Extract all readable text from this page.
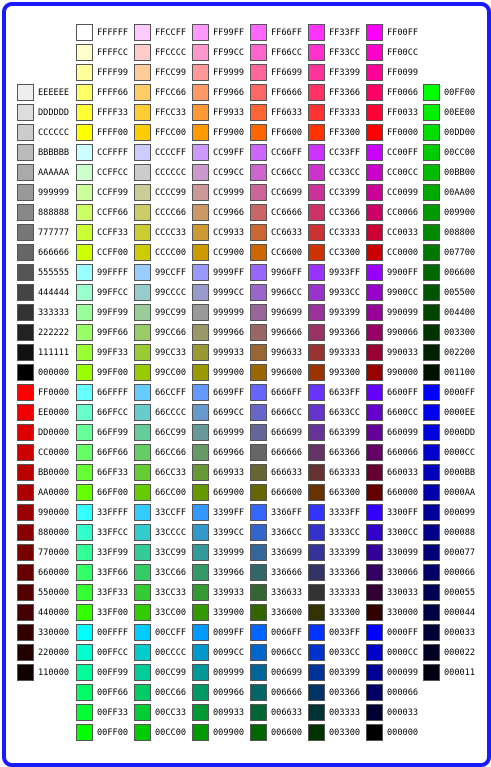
EEEEEE
DDDDDD
CCCCCC
BBBBBB
AAAAAA
999999
888888
777777
666666
555555
444444
333333
222222
111111
000000
FF0000
EE0000
DD0000
CC0000
BB0000
AA0000
990000
880000
770000
660000
550000
440000
330000
220000
110000
FFFFFF
FFFFCC
FFFF99
FFFF66
FFFF33
FFFF00
CCFFFF
CCFFCC
CCFF99
CCFF66
CCFF33
CCFF00
99FFFF
99FFCC
99FF99
99FF66
99FF33
99FF00
66FFFF
66FFCC
66FF99
66FF66
66FF33
66FF00
33FFFF
33FFCC
33FF99
33FF66
33FF33
33FF00
00FFFF
00FFCC
00FF99
00FF66
00FF33
00FF00
FFCCFF
FFCCCC
FFCC99
FFCC66
FFCC33
FFCC00
CCCCFF
CCCCCC
CCCC99
CCCC66
CCCC33
CCCC00
99CCFF
99CCCC
99CC99
99CC66
99CC33
99CC00
66CCFF
66CCCC
66CC99
66CC66
66CC33
66CC00
33CCFF
33CCCC
33CC99
33CC66
33CC33
33CC00
00CCFF
00CCCC
00CC99
00CC66
00CC33
00CC00
FF99FF
FF99CC
FF9999
FF9966
FF9933
FF9900
CC99FF
CC99CC
CC9999
CC9966
CC9933
CC9900
9999FF
9999CC
999999
999966
999933
999900
6699FF
6699CC
669999
669966
669933
669900
3399FF
3399CC
339999
339966
339933
339900
0099FF
0099CC
009999
009966
009933
009900
FF66FF
FF66CC
FF6699
FF6666
FF6633
FF6600
CC66FF
CC66CC
CC6699
CC6666
CC6633
CC6600
9966FF
9966CC
996699
996666
996633
996600
6666FF
6666CC
666699
666666
666633
666600
3366FF
3366CC
336699
336666
336633
336600
0066FF
0066CC
006699
006666
006633
006600
FF33FF
FF33CC
FF3399
FF3366
FF3333
FF3300
CC33FF
CC33CC
CC3399
CC3366
CC3333
CC3300
9933FF
9933CC
993399
993366
993333
993300
6633FF
6633CC
663399
663366
663333
663300
3333FF
3333CC
333399
333366
333333
333300
0033FF
0033CC
003399
003366
003333
003300
FF00FF
FF00CC
FF0099
FF0066
FF0033
FF0000
CC00FF
CC00CC
CC0099
CC0066
CC0033
CC0000
9900FF
9900CC
990099
990066
990033
990000
6600FF
6600CC
660099
660066
660033
660000
3300FF
3300CC
330099
330066
330033
330000
0000FF
0000CC
000099
000066
000033
000000
00FF00
00EE00
00DD00
00CC00
00BB00
00AA00
009900
008800
007700
006600
005500
004400
003300
002200
001100
0000FF
0000EE
0000DD
0000CC
0000BB
0000AA
000099
000088
000077
000066
000055
000044
000033
000022
000011
